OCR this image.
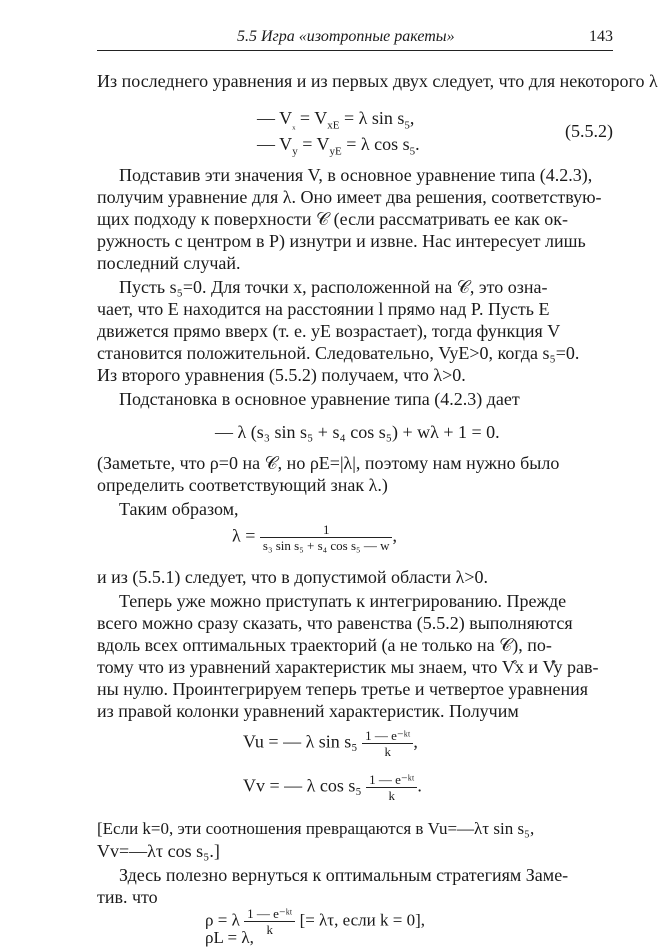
5.5 Игра «изотропные ракеты»	143
Из последнего уравнения и из первых двух следует, что для некоторого λ
— $V_{_x} = V_{xE} = \lambda$ $\sin s_5$,
— $V_y = V_{yE} = \lambda$ $\cos s_5$.
(5.5.2)
Подставив эти значения V, в основное уравнение типа (4.2.3),
получим уравнение для λ. Оно имеет два решения, соответствую-
щих подходу к поверхности 𝒞 (если рассматривать ее как ок-
ружность с центром в P) изнутри и извне. Нас интересует лишь
последний случай.
Пусть s₅=0. Для точки x, расположенной на 𝒞, это озна-
чает, что E находится на расстоянии l прямо над P. Пусть E
движется прямо вверх (т. е. yE возрастает), тогда функция V
становится положительной. Следовательно, VyE>0, когда s₅=0.
Из второго уравнения (5.5.2) получаем, что λ>0.
Подстановка в основное уравнение типа (4.2.3) дает
— λ (s₃ sin s₅ + s₄ cos s₅) + wλ + 1 = 0.
(Заметьте, что ρ=0 на 𝒞, но ρE=|λ|, поэтому нам нужно было
определить соответствующий знак λ.)
Таким образом,
$\lambda = \frac{1}{\text{s₃ sin s₅ + s₄ cos s₅ — w}}$ ,
и из (5.5.1) следует, что в допустимой области λ>0.
Теперь уже можно приступать к интегрированию. Прежде
всего можно сразу сказать, что равенства (5.5.2) выполняются
вдоль всех оптимальных траекторий (а не только на 𝒞), по-
тому что из уравнений характеристик мы знаем, что V̊x и V̊y рав-
ны нулю. Проинтегрируем теперь третье и четвертое уравнения
из правой колонки уравнений характеристик. Получим
Vu = — λ $\sin s_5 \frac{\text{1 — e⁻ᵏᵗ}}{k}$ ,
Vv = — λ $\cos s_5 \frac{\text{1 — e⁻ᵏᵗ}}{k}$ .
[Если k=0, эти соотношения превращаются в Vu=—λτ sin s₅,
Vv=—λτ cos s₅.]
Здесь полезно вернуться к оптимальным стратегиям Заме-
тив. что
ρ = λ $\frac{\text{1 — e⁻ᵏᵗ}}{k}$ [= λτ, если k = 0],
ρL = λ,
